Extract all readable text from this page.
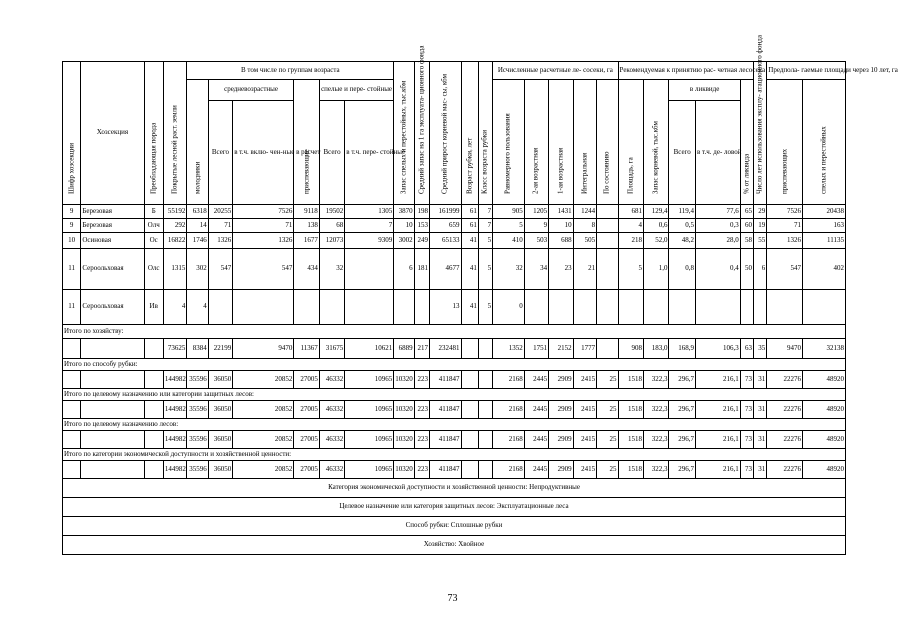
Шифр хозсекции	Хозсекция	Преобладающая порода	Покрытые лесной раст. земли	В том числе по группам возраста						Запас спелых и перестойных, тыс.кбм	Средний запас на 1 га эксплуата- ционного фонда	Средний прирост корневой мас- сы, кбм	Возраст рубки, лет	Класс возраста рубки	Исчисленные расчетные ле- сосеки, га					Рекомендуемая к принятию рас- четная лесосека					Число лет использования эксплу- атационного фонда	Предпола- гаемые площади через 10 лет, га	

				молодняки	средневозрастные		приспевающие	спелые и пере- стойные							Равномерного пользования	2-ая возрастная	1-ая возрастная	Интегральная	По состоянию	Площадь, га	Запас корневой, тыс.кбм	в ликвиде		% от ликвида		приспевающих	спелых и перестойных

					Всего	в т.ч. вклю- чен-ные в расчет		Всего	в т.ч. пере- стойные													Всего	в т.ч. де- ловой				
9	Березовая	Б	55192	6318	20255	7526	9118	19502	1305	3870	198	161999	61	7	905	1205	1431	1244		681	129,4	119,4	77,6	65	29	7526	20438
9	Березовая	Олч	292	14	71	71	138	68	7	10	153	659	61	7	5	9	10	8		4	0,6	0,5	0,3	60	19	71	163
10	Осиновая	Ос	16822	1746	1326	1326	1677	12073	9309	3002	249	65133	41	5	410	503	688	505		218	52,0	48,2	28,0	58	55	1326	11135
11	Сероольховая	Олс	1315	302	547	547	434	32		6	181	4677	41	5	32	34	23	21		5	1,0	0,8	0,4	50	6	547	402
11	Сероольховая	Ив	4	4								13	41	5	0												
Итого по хозяйству:																											
			73625	8384	22199	9470	11367	31675	10621	6889	217	232481			1352	1751	2152	1777		908	183,0	168,9	106,3	63	35	9470	32138
Итого по способу рубки:																											
			144982	35596	36050	20852	27005	46332	10965	10320	223	411847			2168	2445	2909	2415	25	1518	322,3	296,7	216,1	73	31	22276	48920
Итого по целевому назначению или категории защитных лесов:																											
			144982	35596	36050	20852	27005	46332	10965	10320	223	411847			2168	2445	2909	2415	25	1518	322,3	296,7	216,1	73	31	22276	48920
Итого по целевому назначению лесов:																											
			144982	35596	36050	20852	27005	46332	10965	10320	223	411847			2168	2445	2909	2415	25	1518	322,3	296,7	216,1	73	31	22276	48920
Итого по категории экономической доступности и хозяйственной ценности:																											
			144982	35596	36050	20852	27005	46332	10965	10320	223	411847			2168	2445	2909	2415	25	1518	322,3	296,7	216,1	73	31	22276	48920
Категория экономической доступности и хозяйственной ценности: Непродуктивные																											
Целевое назначение или категория защитных лесов: Эксплуатационные леса																											
Способ рубки: Сплошные рубки																											
Хозяйство: Хвойное																											
73
